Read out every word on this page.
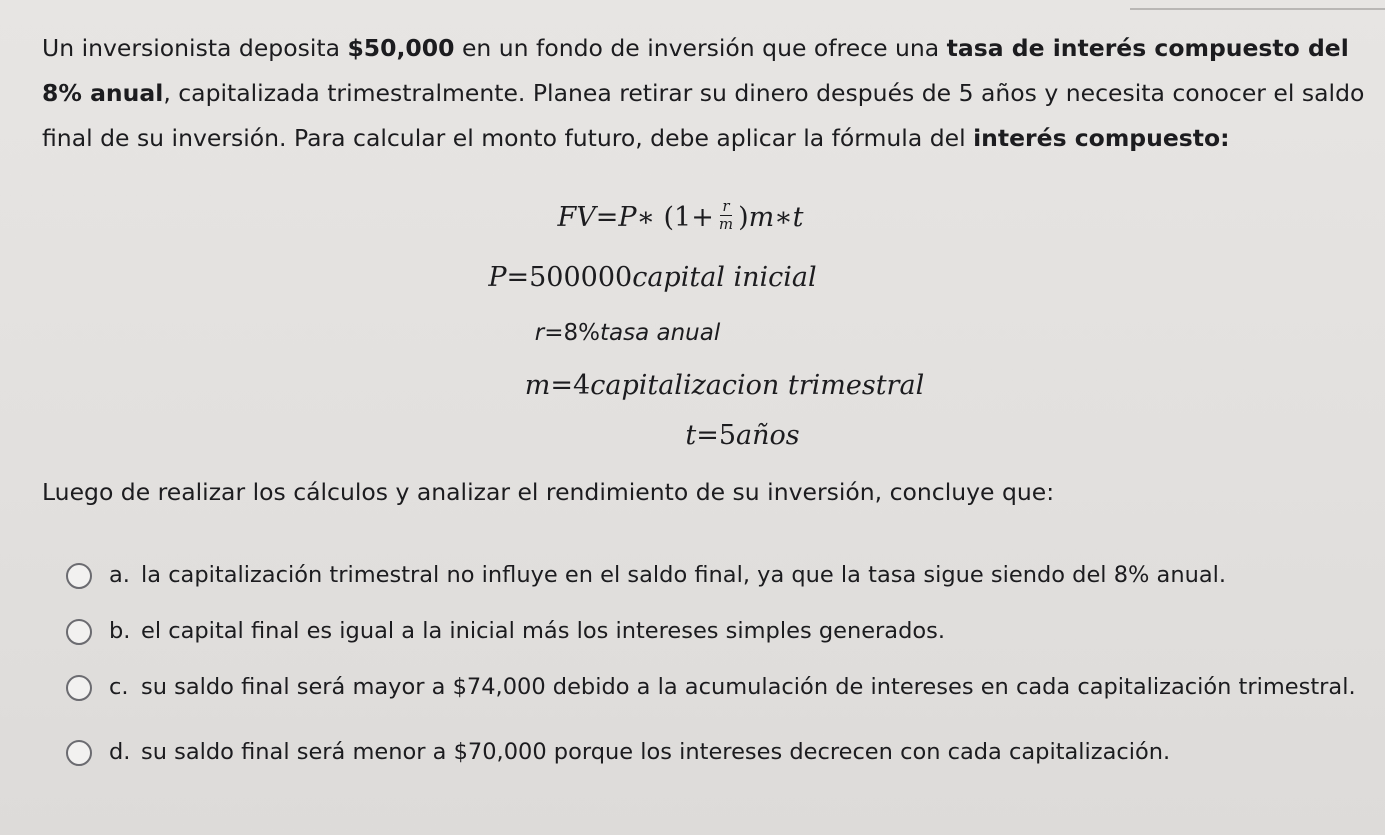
Un inversionista deposita $50,000 en un fondo de inversión que ofrece una tasa de interés compuesto del 8% anual, capitalizada trimestralmente. Planea retirar su dinero después de 5 años y necesita conocer el saldo final de su inversión. Para calcular el monto futuro, debe aplicar la fórmula del interés compuesto:
FV = P ∗ ( $1 + \frac{r}{m}$ ) m ∗ t
P = 500000 capital inicial
r = 8% tasa anual
m = 4 capitalizacion trimestral
t = 5 años
Luego de realizar los cálculos y analizar el rendimiento de su inversión, concluye que:
a. la capitalización trimestral no influye en el saldo final, ya que la tasa sigue siendo del 8% anual.
b. el capital final es igual a la inicial más los intereses simples generados.
c. su saldo final será mayor a $74,000 debido a la acumulación de intereses en cada capitalización trimestral.
d. su saldo final será menor a $70,000 porque los intereses decrecen con cada capitalización.
